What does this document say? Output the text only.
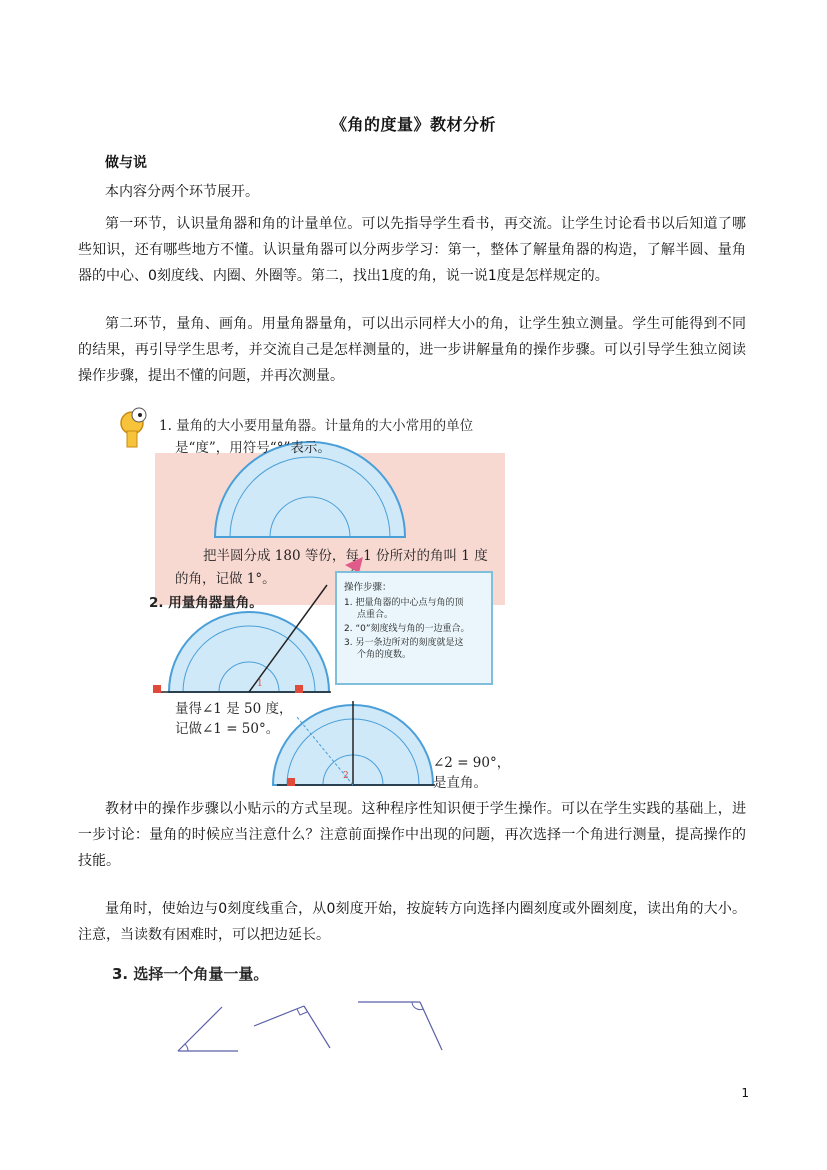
《角的度量》教材分析
做与说
本内容分两个环节展开。
第一环节，认识量角器和角的计量单位。可以先指导学生看书，再交流。让学生讨论看书以后知道了哪些知识，还有哪些地方不懂。认识量角器可以分两步学习：第一，整体了解量角器的构造，了解半圆、量角器的中心、0刻度线、内圈、外圈等。第二，找出1度的角，说一说1度是怎样规定的。
第二环节，量角、画角。用量角器量角，可以出示同样大小的角，让学生独立测量。学生可能得到不同的结果，再引导学生思考，并交流自己是怎样测量的，进一步讲解量角的操作步骤。可以引导学生独立阅读操作步骤，提出不懂的问题，并再次测量。
1. 量角的大小要用量角器。计量角的大小常用的单位
是“度”，用符号“°”表示。
把半圆分成 180 等份，每 1 份所对的角叫 1 度
的角，记做 1°。
2. 用量角器量角。
操作步骤：
1. 把量角器的中心点与角的顶
点重合。
2. “0”刻度线与角的一边重合。
3. 另一条边所对的刻度就是这
个角的度数。
1
2
量得∠1 是 50 度，
记做∠1 = 50°。
∠2 = 90°，
是直角。
教材中的操作步骤以小贴示的方式呈现。这种程序性知识便于学生操作。可以在学生实践的基础上，进一步讨论：量角的时候应当注意什么？注意前面操作中出现的问题，再次选择一个角进行测量，提高操作的技能。
量角时，使始边与0刻度线重合，从0刻度开始，按旋转方向选择内圈刻度或外圈刻度，读出角的大小。注意，当读数有困难时，可以把边延长。
3. 选择一个角量一量。
1
